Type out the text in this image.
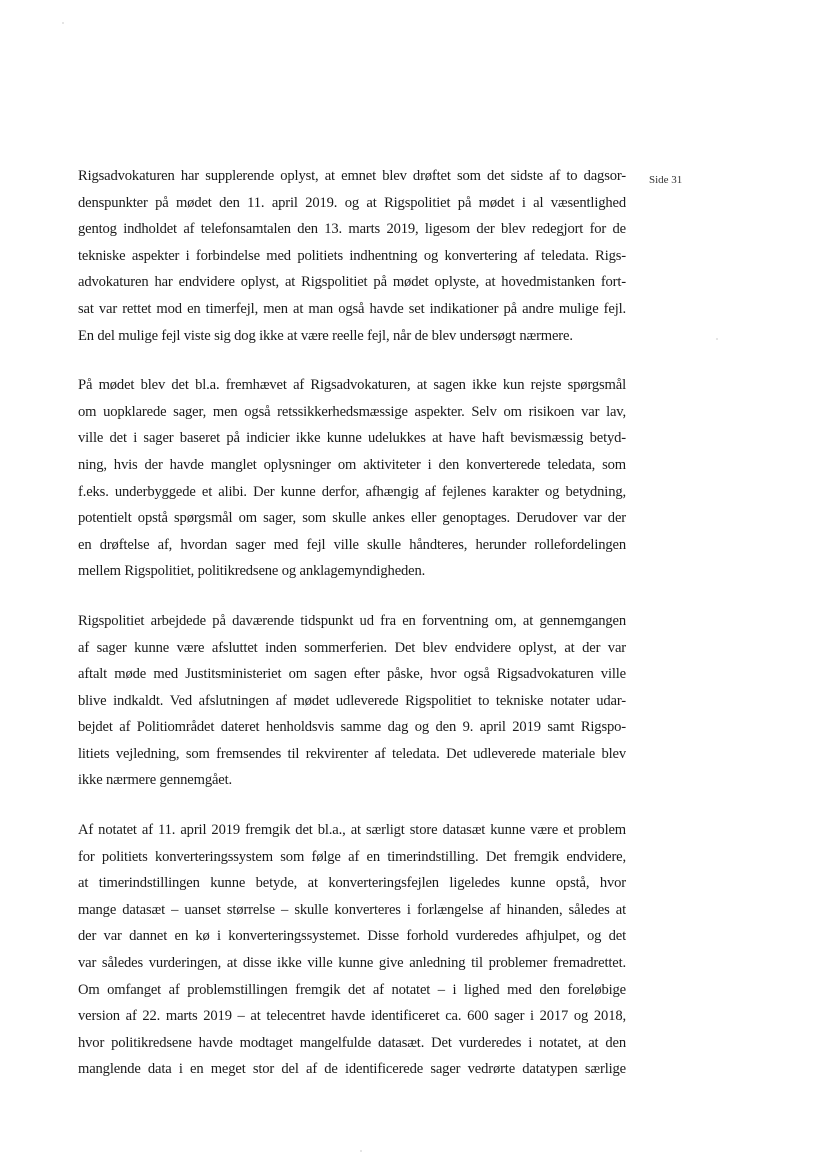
Side 31
Rigsadvokaturen har supplerende oplyst, at emnet blev drøftet som det sidste af to dagsor-
denspunkter på mødet den 11. april 2019. og at Rigspolitiet på mødet i al væsentlighed
gentog indholdet af telefonsamtalen den 13. marts 2019, ligesom der blev redegjort for de
tekniske aspekter i forbindelse med politiets indhentning og konvertering af teledata. Rigs-
advokaturen har endvidere oplyst, at Rigspolitiet på mødet oplyste, at hovedmistanken fort-
sat var rettet mod en timerfejl, men at man også havde set indikationer på andre mulige fejl.
En del mulige fejl viste sig dog ikke at være reelle fejl, når de blev undersøgt nærmere.
På mødet blev det bl.a. fremhævet af Rigsadvokaturen, at sagen ikke kun rejste spørgsmål
om uopklarede sager, men også retssikkerhedsmæssige aspekter. Selv om risikoen var lav,
ville det i sager baseret på indicier ikke kunne udelukkes at have haft bevismæssig betyd-
ning, hvis der havde manglet oplysninger om aktiviteter i den konverterede teledata, som
f.eks. underbyggede et alibi. Der kunne derfor, afhængig af fejlenes karakter og betydning,
potentielt opstå spørgsmål om sager, som skulle ankes eller genoptages. Derudover var der
en drøftelse af, hvordan sager med fejl ville skulle håndteres, herunder rollefordelingen
mellem Rigspolitiet, politikredsene og anklagemyndigheden.
Rigspolitiet arbejdede på daværende tidspunkt ud fra en forventning om, at gennemgangen
af sager kunne være afsluttet inden sommerferien. Det blev endvidere oplyst, at der var
aftalt møde med Justitsministeriet om sagen efter påske, hvor også Rigsadvokaturen ville
blive indkaldt. Ved afslutningen af mødet udleverede Rigspolitiet to tekniske notater udar-
bejdet af Politiområdet dateret henholdsvis samme dag og den 9. april 2019 samt Rigspo-
litiets vejledning, som fremsendes til rekvirenter af teledata. Det udleverede materiale blev
ikke nærmere gennemgået.
Af notatet af 11. april 2019 fremgik det bl.a., at særligt store datasæt kunne være et problem
for politiets konverteringssystem som følge af en timerindstilling. Det fremgik endvidere,
at timerindstillingen kunne betyde, at konverteringsfejlen ligeledes kunne opstå, hvor
mange datasæt – uanset størrelse – skulle konverteres i forlængelse af hinanden, således at
der var dannet en kø i konverteringssystemet. Disse forhold vurderedes afhjulpet, og det
var således vurderingen, at disse ikke ville kunne give anledning til problemer fremadrettet.
Om omfanget af problemstillingen fremgik det af notatet – i lighed med den foreløbige
version af 22. marts 2019 – at telecentret havde identificeret ca. 600 sager i 2017 og 2018,
hvor politikredsene havde modtaget mangelfulde datasæt. Det vurderedes i notatet, at den
manglende data i en meget stor del af de identificerede sager vedrørte datatypen særlige
